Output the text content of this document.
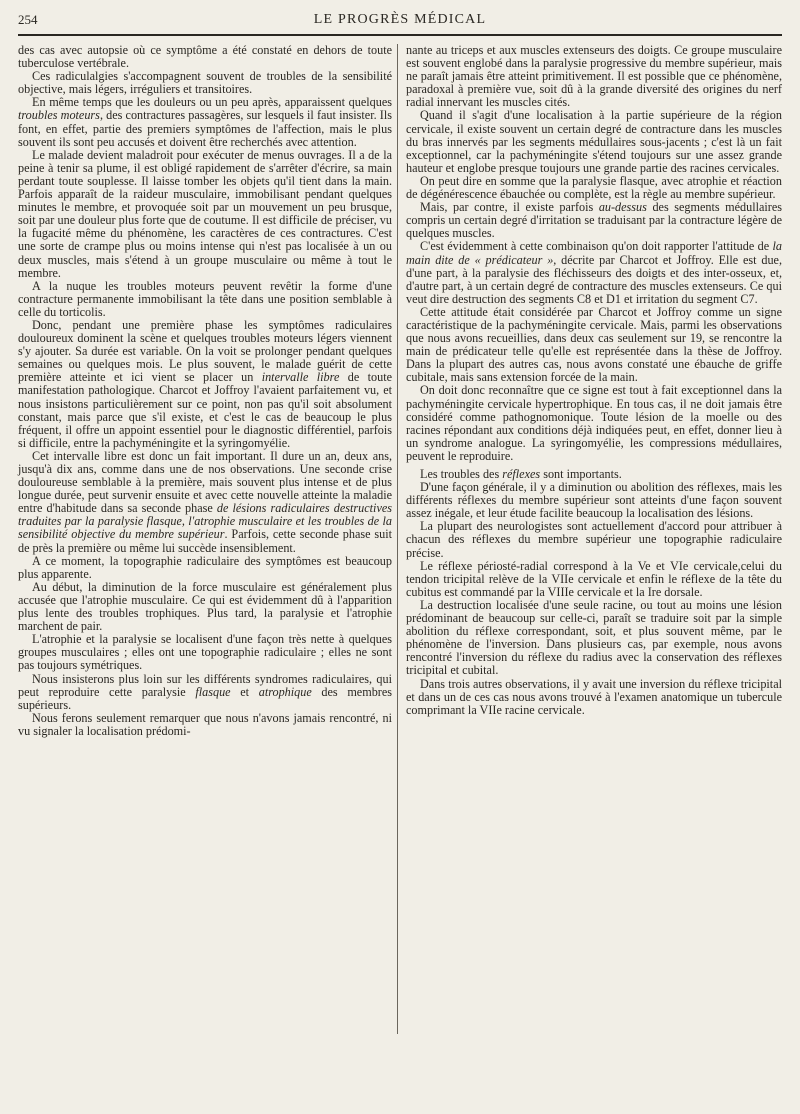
254	LE PROGRÈS MÉDICAL

des cas avec autopsie où ce symptôme a été constaté en dehors de toute tuberculose vertébrale.

Ces radiculalgies s'accompagnent souvent de troubles de la sensibilité objective, mais légers, irréguliers et transitoires.

En même temps que les douleurs ou un peu après, apparaissent quelques troubles moteurs, des contractures passagères, sur lesquels il faut insister. Ils font, en effet, partie des premiers symptômes de l'affection, mais le plus souvent ils sont peu accusés et doivent être recherchés avec attention.

Le malade devient maladroit pour exécuter de menus ouvrages. Il a de la peine à tenir sa plume, il est obligé rapidement de s'arrêter d'écrire, sa main perdant toute souplesse. Il laisse tomber les objets qu'il tient dans la main. Parfois apparaît de la raideur musculaire, immobilisant pendant quelques minutes le membre, et provoquée soit par un mouvement un peu brusque, soit par une douleur plus forte que de coutume. Il est difficile de préciser, vu la fugacité même du phénomène, les caractères de ces contractures. C'est une sorte de crampe plus ou moins intense qui n'est pas localisée à un ou deux muscles, mais s'étend à un groupe musculaire ou même à tout le membre.

A la nuque les troubles moteurs peuvent revêtir la forme d'une contracture permanente immobilisant la tête dans une position semblable à celle du torticolis.

Donc, pendant une première phase les symptômes radiculaires douloureux dominent la scène et quelques troubles moteurs légers viennent s'y ajouter. Sa durée est variable. On la voit se prolonger pendant quelques semaines ou quelques mois. Le plus souvent, le malade guérit de cette première atteinte et ici vient se placer un intervalle libre de toute manifestation pathologique. Charcot et Joffroy l'avaient parfaitement vu, et nous insistons particulièrement sur ce point, non pas qu'il soit absolument constant, mais parce que s'il existe, et c'est le cas de beaucoup le plus fréquent, il offre un appoint essentiel pour le diagnostic différentiel, parfois si difficile, entre la pachyméningite et la syringomyélie.

Cet intervalle libre est donc un fait important. Il dure un an, deux ans, jusqu'à dix ans, comme dans une de nos observations. Une seconde crise douloureuse semblable à la première, mais souvent plus intense et de plus longue durée, peut survenir ensuite et avec cette nouvelle atteinte la maladie entre d'habitude dans sa seconde phase de lésions radiculaires destructives traduites par la paralysie flasque, l'atrophie musculaire et les troubles de la sensibilité objective du membre supérieur. Parfois, cette seconde phase suit de près la première ou même lui succède insensiblement.

A ce moment, la topographie radiculaire des symptômes est beaucoup plus apparente.

Au début, la diminution de la force musculaire est généralement plus accusée que l'atrophie musculaire. Ce qui est évidemment dû à l'apparition plus lente des troubles trophiques. Plus tard, la paralysie et l'atrophie marchent de pair.

L'atrophie et la paralysie se localisent d'une façon très nette à quelques groupes musculaires ; elles ont une topographie radiculaire ; elles ne sont pas toujours symétriques.

Nous insisterons plus loin sur les différents syndromes radiculaires, qui peut reproduire cette paralysie flasque et atrophique des membres supérieurs.

Nous ferons seulement remarquer que nous n'avons jamais rencontré, ni vu signaler la localisation prédomi-

nante au triceps et aux muscles extenseurs des doigts. Ce groupe musculaire est souvent englobé dans la paralysie progressive du membre supérieur, mais ne paraît jamais être atteint primitivement. Il est possible que ce phénomène, paradoxal à première vue, soit dû à la grande diversité des origines du nerf radial innervant les muscles cités.

Quand il s'agit d'une localisation à la partie supérieure de la région cervicale, il existe souvent un certain degré de contracture dans les muscles du bras innervés par les segments médullaires sous-jacents ; c'est là un fait exceptionnel, car la pachyméningite s'étend toujours sur une assez grande hauteur et englobe presque toujours une grande partie des racines cervicales.

On peut dire en somme que la paralysie flasque, avec atrophie et réaction de dégénérescence ébauchée ou complète, est la règle au membre supérieur.

Mais, par contre, il existe parfois au-dessus des segments médullaires compris un certain degré d'irritation se traduisant par la contracture légère de quelques muscles.

C'est évidemment à cette combinaison qu'on doit rapporter l'attitude de la main dite de « prédicateur », décrite par Charcot et Joffroy. Elle est due, d'une part, à la paralysie des fléchisseurs des doigts et des inter-osseux, et, d'autre part, à un certain degré de contracture des muscles extenseurs. Ce qui veut dire destruction des segments C8 et D1 et irritation du segment C7.

Cette attitude était considérée par Charcot et Joffroy comme un signe caractéristique de la pachyméningite cervicale. Mais, parmi les observations que nous avons recueillies, dans deux cas seulement sur 19, se rencontre la main de prédicateur telle qu'elle est représentée dans la thèse de Joffroy. Dans la plupart des autres cas, nous avons constaté une ébauche de griffe cubitale, mais sans extension forcée de la main.

On doit donc reconnaître que ce signe est tout à fait exceptionnel dans la pachyméningite cervicale hypertrophique. En tous cas, il ne doit jamais être considéré comme pathognomonique. Toute lésion de la moelle ou des racines répondant aux conditions déjà indiquées peut, en effet, donner lieu à un syndrome analogue. La syringomyélie, les compressions médullaires, peuvent le reproduire.

Les troubles des réflexes sont importants.

D'une façon générale, il y a diminution ou abolition des réflexes, mais les différents réflexes du membre supérieur sont atteints d'une façon souvent assez inégale, et leur étude facilite beaucoup la localisation des lésions.

La plupart des neurologistes sont actuellement d'accord pour attribuer à chacun des réflexes du membre supérieur une topographie radiculaire précise.

Le réflexe périosté-radial correspond à la Ve et VIe cervicale,celui du tendon tricipital relève de la VIIe cervicale et enfin le réflexe de la tête du cubitus est commandé par la VIIIe cervicale et la Ire dorsale.

La destruction localisée d'une seule racine, ou tout au moins une lésion prédominant de beaucoup sur celle-ci, paraît se traduire soit par la simple abolition du réflexe correspondant, soit, et plus souvent même, par le phénomène de l'inversion. Dans plusieurs cas, par exemple, nous avons rencontré l'inversion du réflexe du radius avec la conservation des réflexes tricipital et cubital.

Dans trois autres observations, il y avait une inversion du réflexe tricipital et dans un de ces cas nous avons trouvé à l'examen anatomique un tubercule comprimant la VIIe racine cervicale.
